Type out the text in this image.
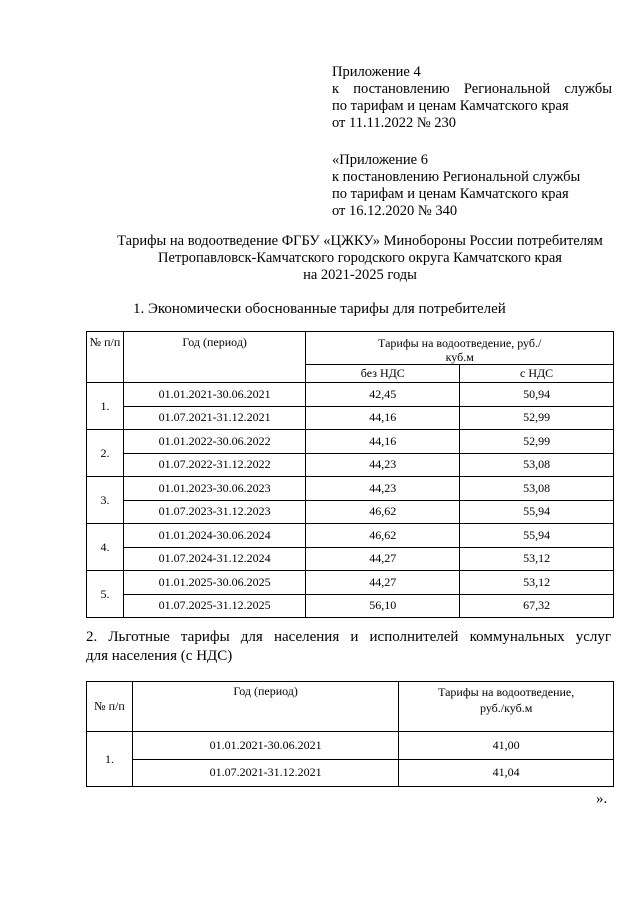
Приложение 4
к постановлению Региональной службы
по тарифам и ценам Камчатского края
от 11.11.2022 № 230
«Приложение 6
к постановлению Региональной службы
по тарифам и ценам Камчатского края
от 16.12.2020 № 340
Тарифы на водоотведение ФГБУ «ЦЖКУ» Минобороны России потребителям
Петропавловск-Камчатского городского округа Камчатского края
на 2021-2025 годы
1. Экономически обоснованные тарифы для потребителей
№ п/п	Год (период)	Тарифы на водоотведение, руб./куб.м	
		без НДС	с НДС
1.	01.01.2021-30.06.2021	42,45	50,94
	01.07.2021-31.12.2021	44,16	52,99
2.	01.01.2022-30.06.2022	44,16	52,99
	01.07.2022-31.12.2022	44,23	53,08
3.	01.01.2023-30.06.2023	44,23	53,08
	01.07.2023-31.12.2023	46,62	55,94
4.	01.01.2024-30.06.2024	46,62	55,94
	01.07.2024-31.12.2024	44,27	53,12
5.	01.01.2025-30.06.2025	44,27	53,12
	01.07.2025-31.12.2025	56,10	67,32
2. Льготные тарифы для населения и исполнителей коммунальных услуг
для населения (с НДС)
№ п/п	Год (период)	Тарифы на водоотведение,
руб./куб.м

1.	01.01.2021-30.06.2021	41,00
	01.07.2021-31.12.2021	41,04
».
